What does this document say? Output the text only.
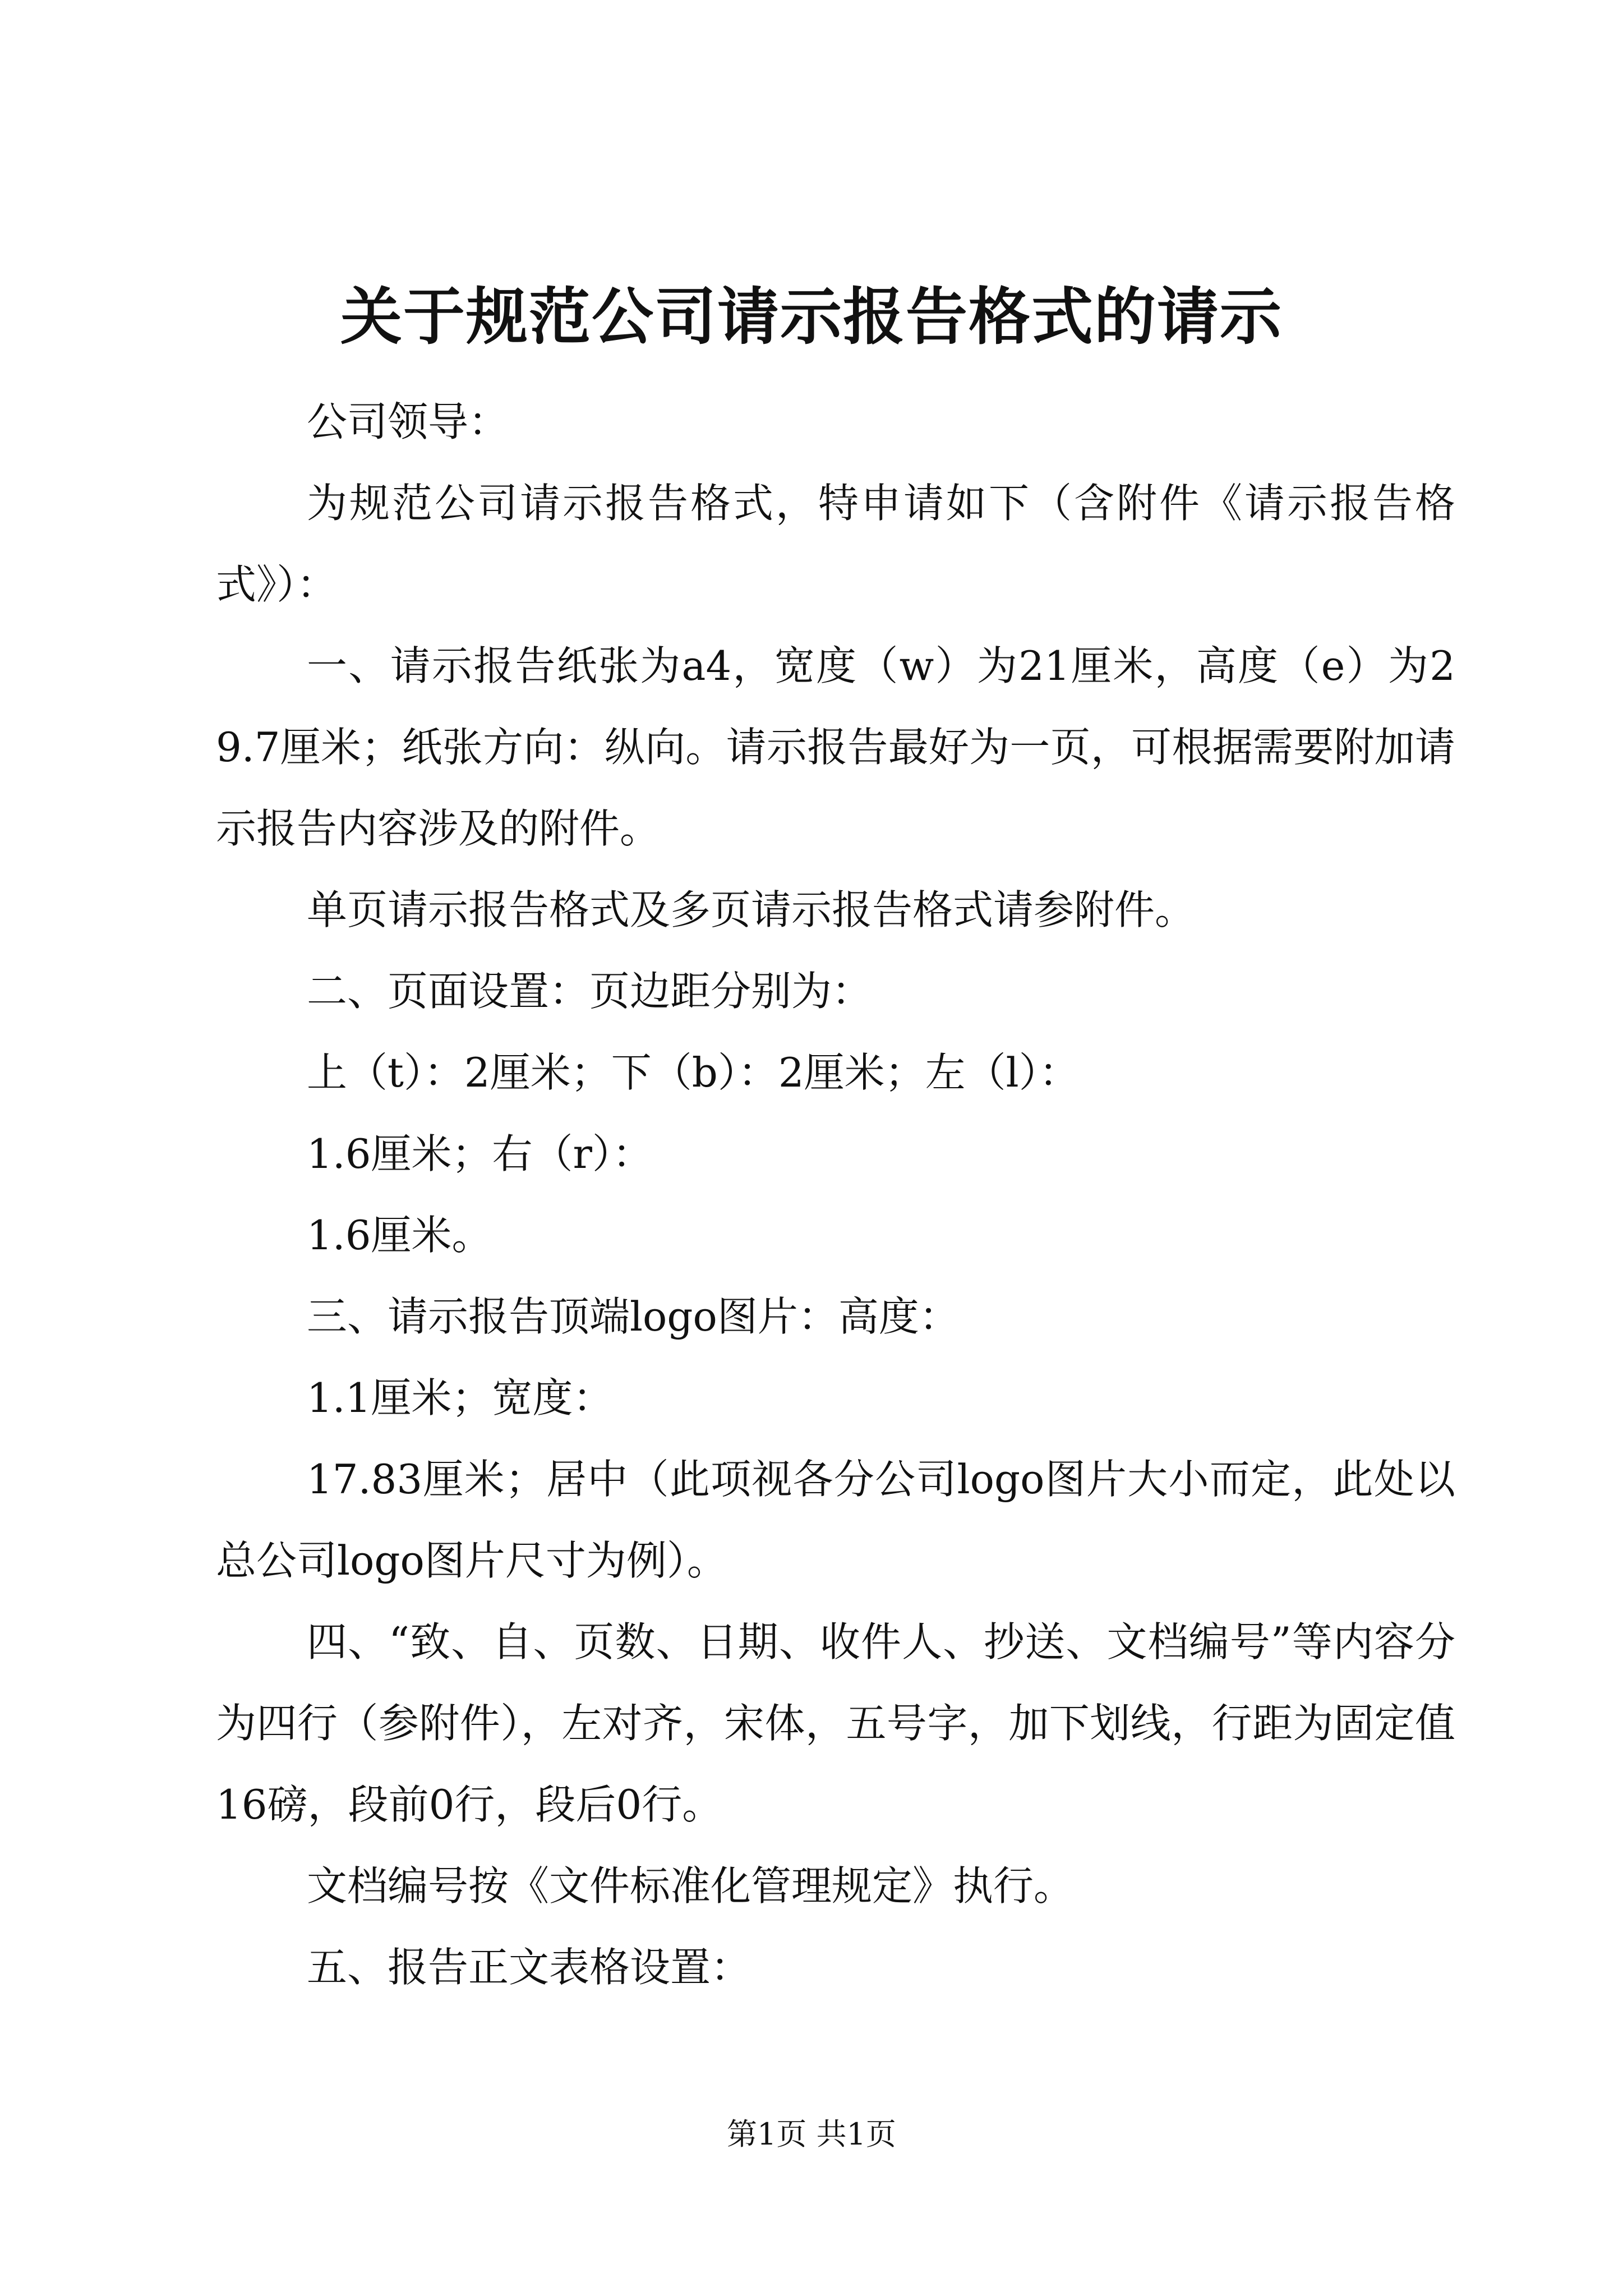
关于规范公司请示报告格式的请示

公司领导：

为规范公司请示报告格式，特申请如下（含附件《请示报告格式》）：

一、请示报告纸张为a4，宽度（w）为21厘米，高度（e）为29.7厘米；纸张方向：纵向。请示报告最好为一页，可根据需要附加请示报告内容涉及的附件。

单页请示报告格式及多页请示报告格式请参附件。

二、页面设置：页边距分别为：

上（t）：2厘米；下（b）：2厘米；左（l）：

1.6厘米；右（r）：

1.6厘米。

三、请示报告顶端logo图片：高度：

1.1厘米；宽度：

17.83厘米；居中（此项视各分公司logo图片大小而定，此处以总公司logo图片尺寸为例）。

四、“致、自、页数、日期、收件人、抄送、文档编号”等内容分为四行（参附件），左对齐，宋体，五号字，加下划线，行距为固定值16磅，段前0行，段后0行。

文档编号按《文件标准化管理规定》执行。

五、报告正文表格设置：

第1页 共1页
